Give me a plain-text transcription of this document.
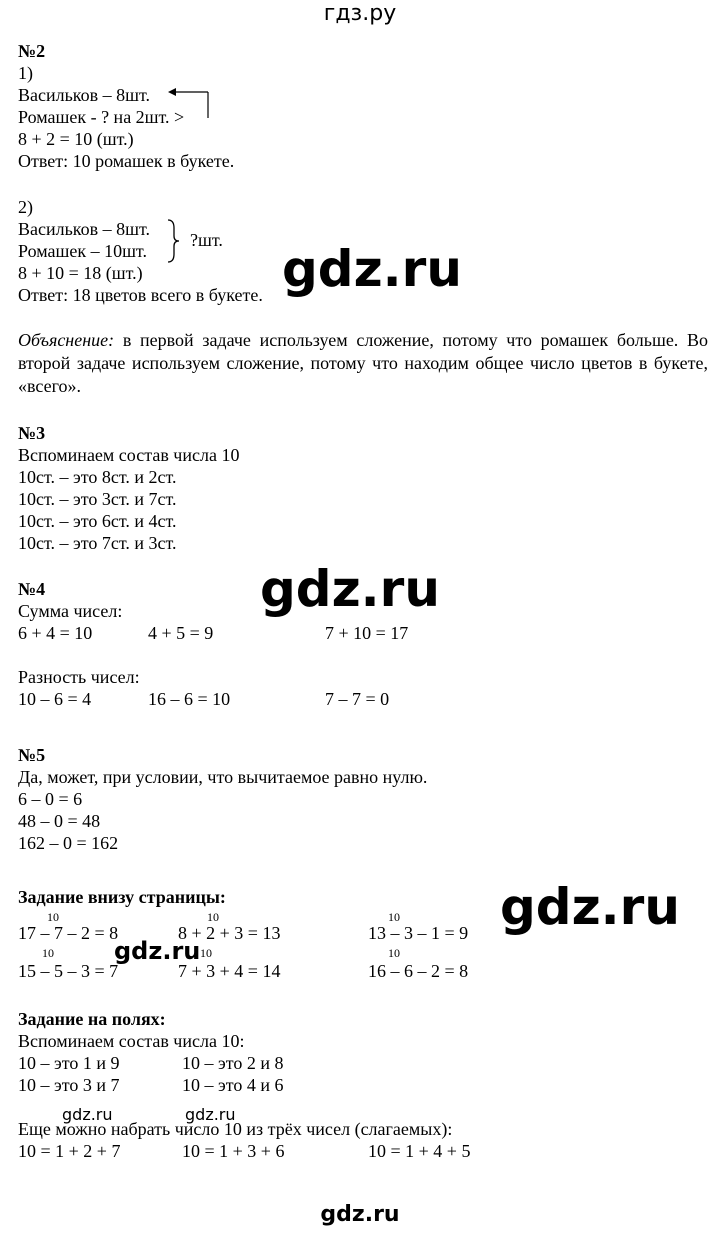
гдз.ру
№2
1)
Васильков – 8шт.
Ромашек - ? на 2шт. >
8 + 2 = 10 (шт.)
Ответ: 10 ромашек в букете.
2)
Васильков – 8шт.
Ромашек – 10шт.
?шт.
8 + 10 = 18 (шт.)
Ответ: 18 цветов всего в букете. gdz.ru
Объяснение: в первой задаче используем сложение, потому что ромашек больше. Во второй задаче используем сложение, потому что находим общее число цветов в букете, «всего».
№3
Вспоминаем состав числа 10
10ст. – это 8ст. и 2ст.
10ст. – это 3ст. и 7ст.
10ст. – это 6ст. и 4ст.
10ст. – это 7ст. и 3ст.
gdz.ru
№4
Сумма чисел:
6 + 4 = 10	4 + 5 = 9	7 + 10 = 17
Разность чисел:
10 – 6 = 4	16 – 6 = 10	7 – 7 = 0
№5
Да, может, при условии, что вычитаемое равно нулю.
6 – 0 = 6
48 – 0 = 48
162 – 0 = 162
Задание внизу страницы:	gdz.ru
10	10	10
17 – 7 – 2 = 8	8 + 2 + 3 = 13	13 – 3 – 1 = 9
gdz.ru
10	10	10
15 – 5 – 3 = 7	7 + 3 + 4 = 14	16 – 6 – 2 = 8
Задание на полях:
Вспоминаем состав числа 10:
10 – это 1 и 9	10 – это 2 и 8
10 – это 3 и 7	10 – это 4 и 6
gdz.ru	gdz.ru
Еще можно набрать число 10 из трёх чисел (слагаемых):
10 = 1 + 2 + 7	10 = 1 + 3 + 6	10 = 1 + 4 + 5
gdz.ru
